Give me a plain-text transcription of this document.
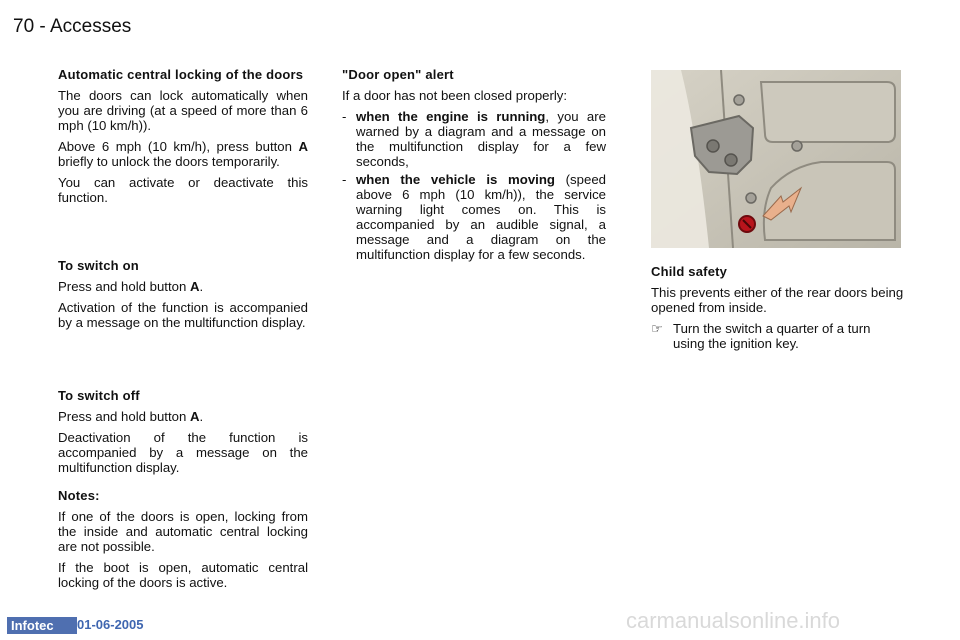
70 - Accesses

Automatic central locking of the doors

The doors can lock automatically when you are driving (at a speed of more than 6 mph (10 km/h)).

Above 6 mph (10 km/h), press button A briefly to unlock the doors temporarily.

You can activate or deactivate this function.

To switch on

Press and hold button A.

Activation of the function is accompanied by a message on the multifunction display.

To switch off

Press and hold button A.

Deactivation of the function is accompanied by a message on the multifunction display.

Notes:

If one of the doors is open, locking from the inside and automatic central locking are not possible.

If the boot is open, automatic central locking of the doors is active.

"Door open" alert

If a door has not been closed properly:

- when the engine is running, you are warned by a diagram and a message on the multifunction display for a few seconds,
- when the vehicle is moving (speed above 6 mph (10 km/h)), the service warning light comes on. This is accompanied by an audible signal, a message and a diagram on the multifunction display for a few seconds.

Child safety

This prevents either of the rear doors being opened from inside.

☞ Turn the switch a quarter of a turn using the ignition key.
Infotec 01-06-2005	carmanualsonline.info
